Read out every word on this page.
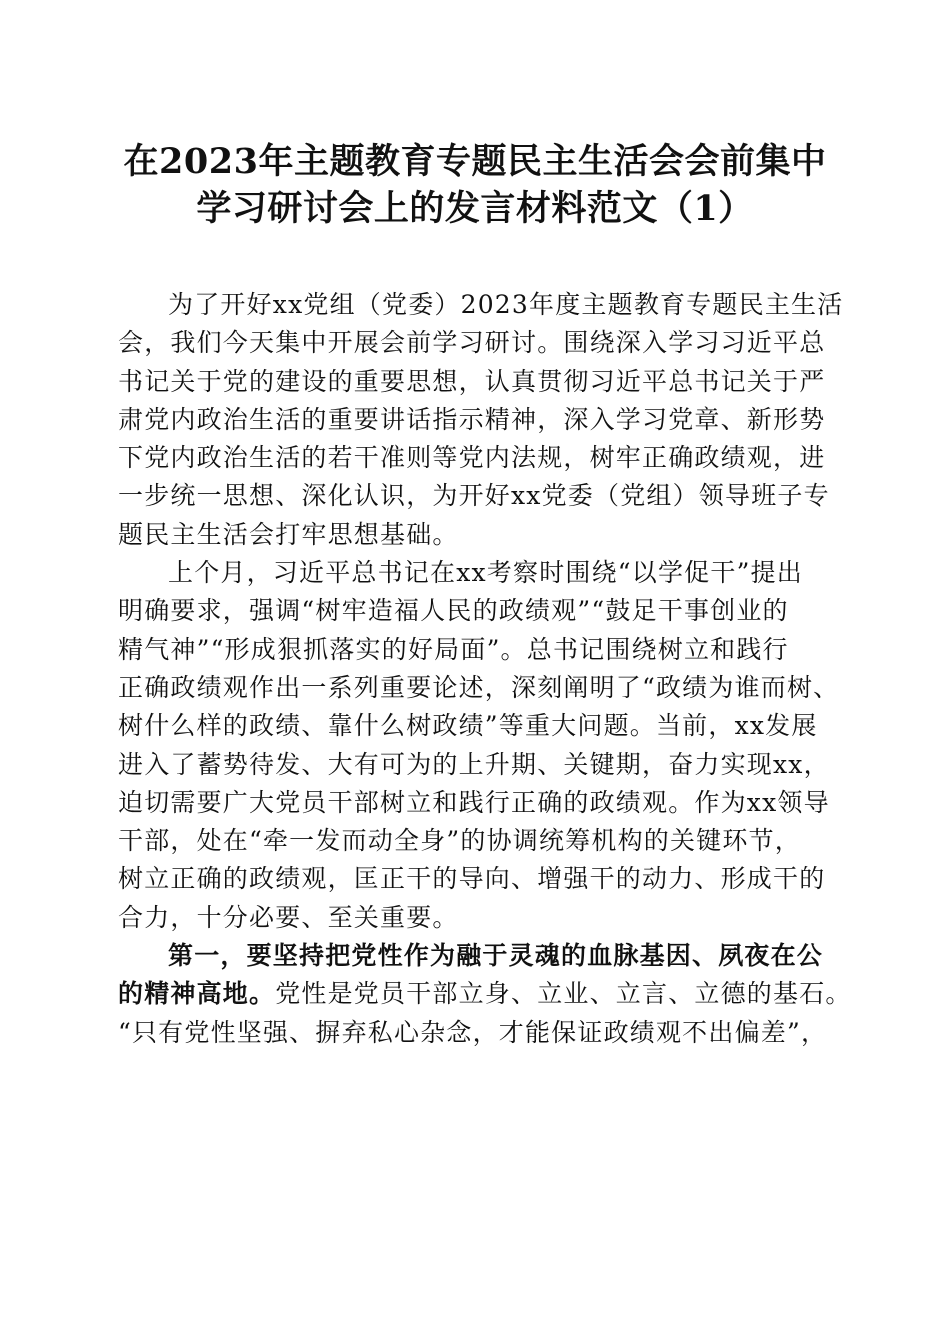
在2023年主题教育专题民主生活会会前集中
学习研讨会上的发言材料范文（1）

为了开好xx党组（党委）2023年度主题教育专题民主生活
会，我们今天集中开展会前学习研讨。围绕深入学习习近平总
书记关于党的建设的重要思想，认真贯彻习近平总书记关于严
肃党内政治生活的重要讲话指示精神，深入学习党章、新形势
下党内政治生活的若干准则等党内法规，树牢正确政绩观，进
一步统一思想、深化认识，为开好xx党委（党组）领导班子专
题民主生活会打牢思想基础。

上个月，习近平总书记在xx考察时围绕“以学促干”提出
明确要求，强调“树牢造福人民的政绩观”“鼓足干事创业的
精气神”“形成狠抓落实的好局面”。总书记围绕树立和践行
正确政绩观作出一系列重要论述，深刻阐明了“政绩为谁而树、
树什么样的政绩、靠什么树政绩”等重大问题。当前，xx发展
进入了蓄势待发、大有可为的上升期、关键期，奋力实现xx，
迫切需要广大党员干部树立和践行正确的政绩观。作为xx领导
干部，处在“牵一发而动全身”的协调统筹机构的关键环节，
树立正确的政绩观，匡正干的导向、增强干的动力、形成干的
合力，十分必要、至关重要。

第一，要坚持把党性作为融于灵魂的血脉基因、夙夜在公
的精神高地。党性是党员干部立身、立业、立言、立德的基石。
“只有党性坚强、摒弃私心杂念，才能保证政绩观不出偏差”，
